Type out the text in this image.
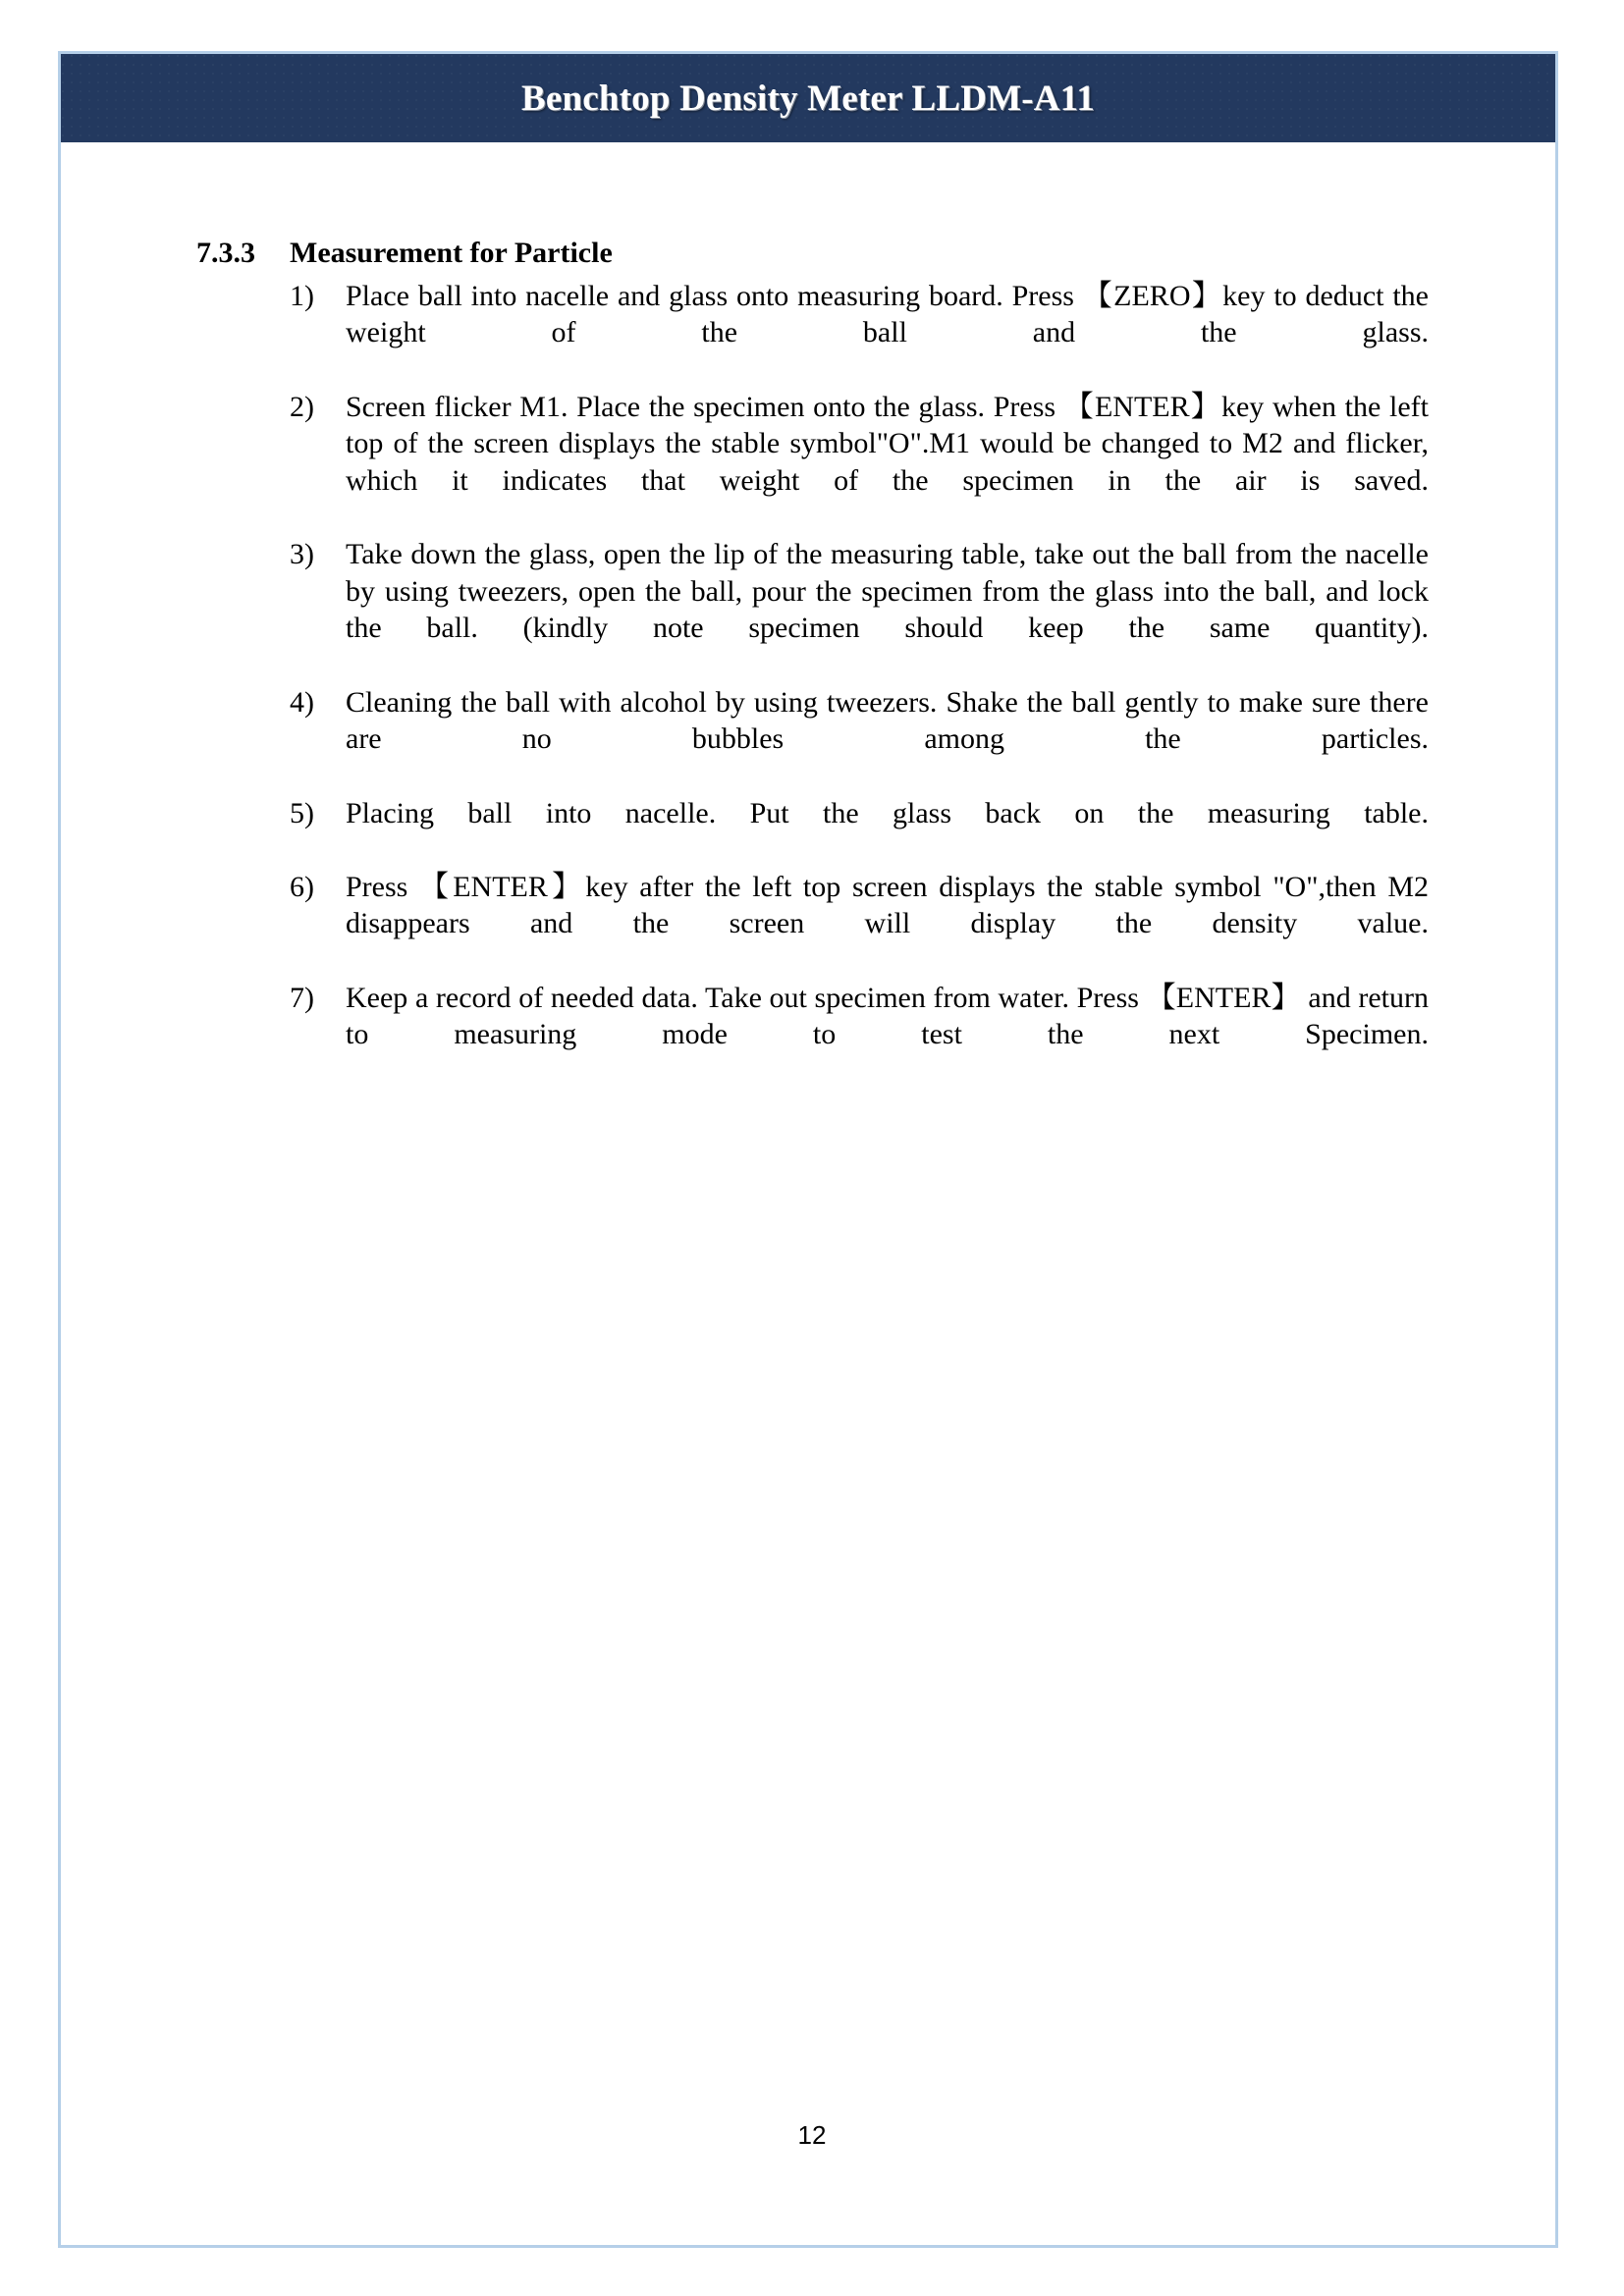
Benchtop Density Meter LLDM-A11
7.3.3	Measurement for Particle
1)	Place ball into nacelle and glass onto measuring board. Press 【ZERO】key to deduct the weight of the ball and the glass.
2)	Screen flicker M1. Place the specimen onto the glass. Press 【ENTER】key when the left top of the screen displays the stable symbol"O".M1 would be changed to M2 and flicker, which it indicates that weight of the specimen in the air is saved.
3)	Take down the glass, open the lip of the measuring table, take out the ball from the nacelle by using tweezers, open the ball, pour the specimen from the glass into the ball, and lock the ball. (kindly note specimen should keep the same quantity).
4)	Cleaning the ball with alcohol by using tweezers. Shake the ball gently to make sure there are no bubbles among the particles.
5)	Placing ball into nacelle. Put the glass back on the measuring table.
6)	Press 【ENTER】key after the left top screen displays the stable symbol "O",then M2 disappears and the screen will display the density value.
7)	Keep a record of needed data. Take out specimen from water. Press 【ENTER】 and return to measuring mode to test the next Specimen.
12
